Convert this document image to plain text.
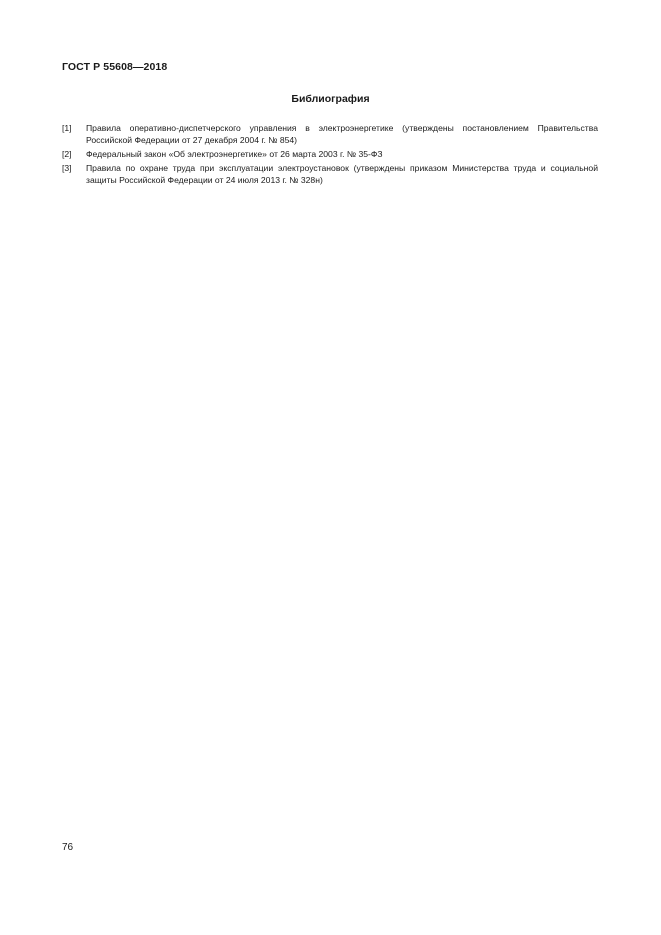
ГОСТ Р 55608—2018
Библиография
[1]	Правила оперативно-диспетчерского управления в электроэнергетике (утверждены постановлением Правительства Российской Федерации от 27 декабря 2004 г. № 854)
[2]	Федеральный закон «Об электроэнергетике» от 26 марта 2003 г. № 35-ФЗ
[3]	Правила по охране труда при эксплуатации электроустановок (утверждены приказом Министерства труда и социальной защиты Российской Федерации от 24 июля 2013 г. № 328н)
76
